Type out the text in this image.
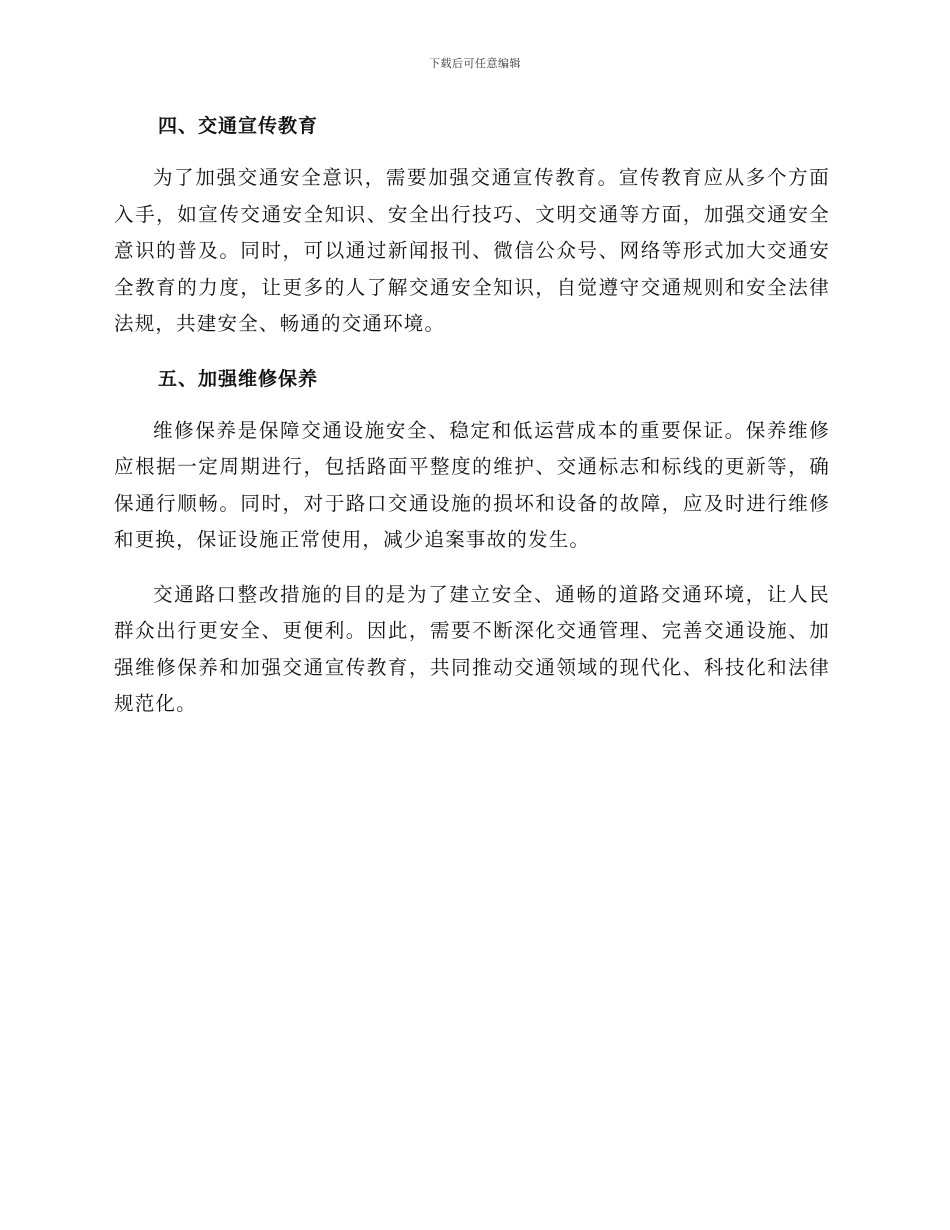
下载后可任意编辑
四、交通宣传教育

为了加强交通安全意识，需要加强交通宣传教育。宣传教育应从多个方面入手，如宣传交通安全知识、安全出行技巧、文明交通等方面，加强交通安全意识的普及。同时，可以通过新闻报刊、微信公众号、网络等形式加大交通安全教育的力度，让更多的人了解交通安全知识，自觉遵守交通规则和安全法律法规，共建安全、畅通的交通环境。

五、加强维修保养

维修保养是保障交通设施安全、稳定和低运营成本的重要保证。保养维修应根据一定周期进行，包括路面平整度的维护、交通标志和标线的更新等，确保通行顺畅。同时，对于路口交通设施的损坏和设备的故障，应及时进行维修和更换，保证设施正常使用，减少追案事故的发生。

交通路口整改措施的目的是为了建立安全、通畅的道路交通环境，让人民群众出行更安全、更便利。因此，需要不断深化交通管理、完善交通设施、加强维修保养和加强交通宣传教育，共同推动交通领域的现代化、科技化和法律规范化。
